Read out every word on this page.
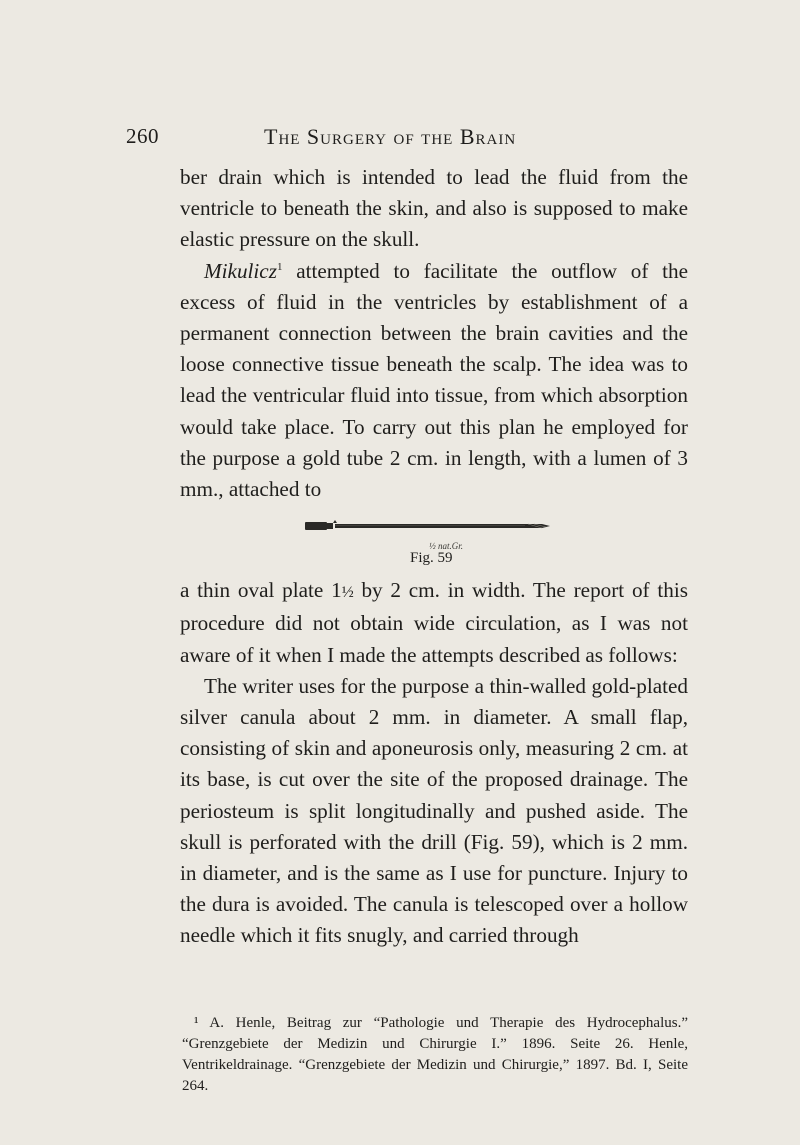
260	The Surgery of the Brain

ber drain which is intended to lead the fluid from the ventricle to beneath the skin, and also is supposed to make elastic pressure on the skull.

Mikulicz$^1$ attempted to facilitate the outflow of the excess of fluid in the ventricles by establishment of a permanent connection between the brain cavities and the loose connective tissue beneath the scalp. The idea was to lead the ventricular fluid into tissue, from which absorption would take place. To carry out this plan he employed for the purpose a gold tube 2 cm. in length, with a lumen of 3 mm., attached to

½ nat.Gr.
Fig. 59

a thin oval plate 1½ by 2 cm. in width. The report of this procedure did not obtain wide circulation, as I was not aware of it when I made the attempts described as follows:

The writer uses for the purpose a thin-walled gold-plated silver canula about 2 mm. in diameter. A small flap, consisting of skin and aponeurosis only, measuring 2 cm. at its base, is cut over the site of the proposed drainage. The periosteum is split longitudinally and pushed aside. The skull is perforated with the drill (Fig. 59), which is 2 mm. in diameter, and is the same as I use for puncture. Injury to the dura is avoided. The canula is telescoped over a hollow needle which it fits snugly, and carried through

¹ A. Henle, Beitrag zur “Pathologie und Therapie des Hydrocephalus.” “Grenzgebiete der Medizin und Chirurgie I.” 1896. Seite 26. Henle, Ventrikeldrainage. “Grenzgebiete der Medizin und Chirurgie,” 1897. Bd. I, Seite 264.
